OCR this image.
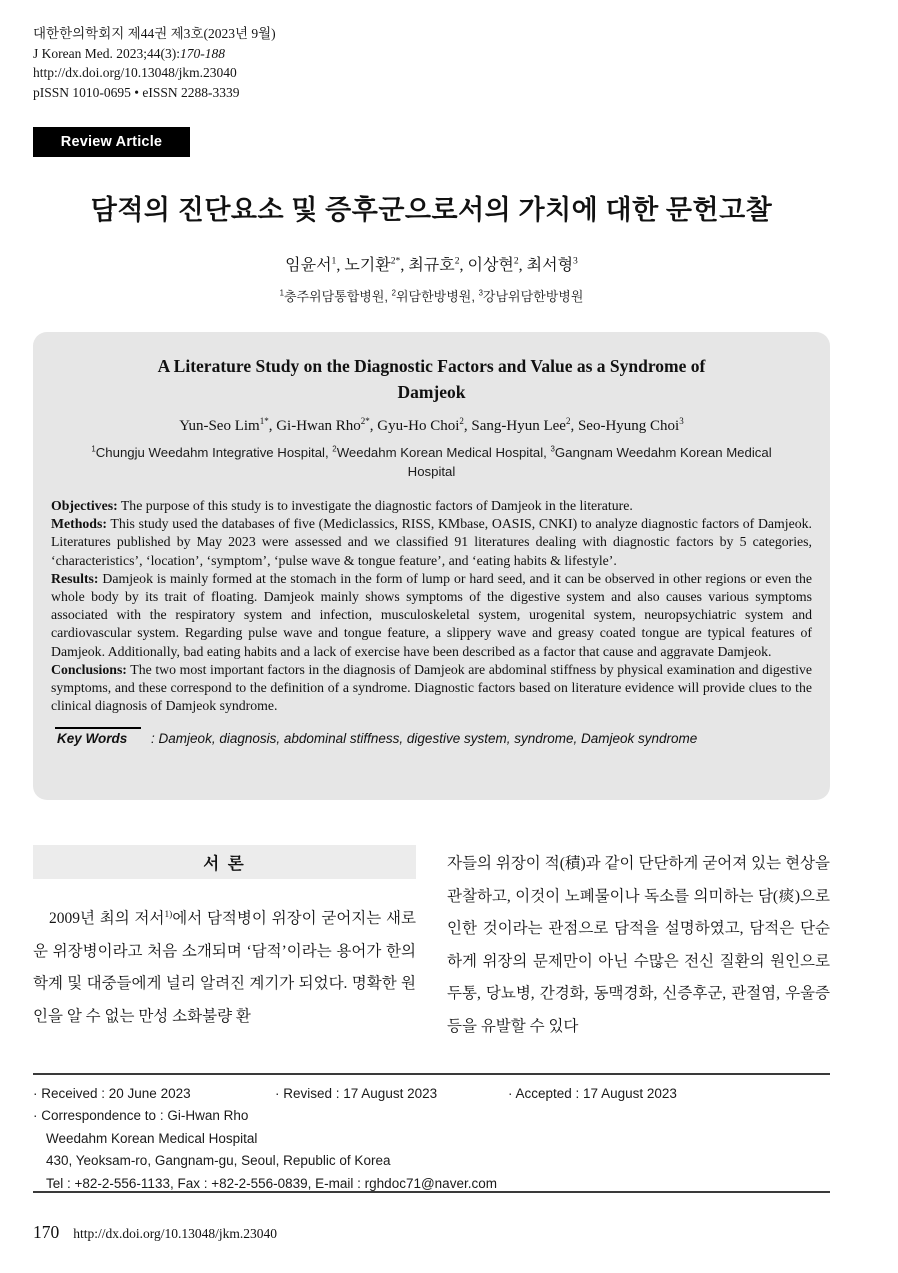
대한한의학회지 제44권 제3호(2023년 9월)
J Korean Med. 2023;44(3):170-188
http://dx.doi.org/10.13048/jkm.23040
pISSN 1010-0695 • eISSN 2288-3339
Review Article
담적의 진단요소 및 증후군으로서의 가치에 대한 문헌고찰
임윤서$^1$, 노기환$^{2*}$, 최규호$^2$, 이상현$^2$, 최서형$^3$
$^1$충주위담통합병원, $^2$위담한방병원, $^3$강남위담한방병원
A Literature Study on the Diagnostic Factors and Value as a Syndrome of Damjeok
Yun-Seo Lim$^{1*}$, Gi-Hwan Rho$^{2*}$, Gyu-Ho Choi$^2$, Sang-Hyun Lee$^2$, Seo-Hyung Choi$^3$
$^1$Chungju Weedahm Integrative Hospital, $^2$Weedahm Korean Medical Hospital, $^3$Gangnam Weedahm Korean Medical Hospital

Objectives: The purpose of this study is to investigate the diagnostic factors of Damjeok in the literature.

Methods: This study used the databases of five (Mediclassics, RISS, KMbase, OASIS, CNKI) to analyze diagnostic factors of Damjeok. Literatures published by May 2023 were assessed and we classified 91 literatures dealing with diagnostic factors by 5 categories, ‘characteristics’, ‘location’, ‘symptom’, ‘pulse wave & tongue feature’, and ‘eating habits & lifestyle’.

Results: Damjeok is mainly formed at the stomach in the form of lump or hard seed, and it can be observed in other regions or even the whole body by its trait of floating. Damjeok mainly shows symptoms of the digestive system and also causes various symptoms associated with the respiratory system and infection, musculoskeletal system, urogenital system, neuropsychiatric system and cardiovascular system. Regarding pulse wave and tongue feature, a slippery wave and greasy coated tongue are typical features of Damjeok. Additionally, bad eating habits and a lack of exercise have been described as a factor that cause and aggravate Damjeok.

Conclusions: The two most important factors in the diagnosis of Damjeok are abdominal stiffness by physical examination and digestive symptoms, and these correspond to the definition of a syndrome. Diagnostic factors based on literature evidence will provide clues to the clinical diagnosis of Damjeok syndrome.

Key Words : Damjeok, diagnosis, abdominal stiffness, digestive system, syndrome, Damjeok syndrome
서 론

2009년 최의 저서$^{1)}$에서 담적병이 위장이 굳어지는 새로운 위장병이라고 처음 소개되며 ‘담적’이라는 용어가 한의학계 및 대중들에게 널리 알려진 계기가 되었다. 명확한 원인을 알 수 없는 만성 소화불량 환

자들의 위장이 적(積)과 같이 단단하게 굳어져 있는 현상을 관찰하고, 이것이 노폐물이나 독소를 의미하는 담(痰)으로 인한 것이라는 관점으로 담적을 설명하였고, 담적은 단순하게 위장의 문제만이 아닌 수많은 전신 질환의 원인으로 두통, 당뇨병, 간경화, 동맥경화, 신증후군, 관절염, 우울증 등을 유발할 수 있다

· Received : 20 June 2023	· Revised : 17 August 2023	· Accepted : 17 August 2023
· Correspondence to : Gi-Hwan Rho
Weedahm Korean Medical Hospital
430, Yeoksam-ro, Gangnam-gu, Seoul, Republic of Korea
Tel : +82-2-556-1133, Fax : +82-2-556-0839, E-mail : rghdoc71@naver.com
170 http://dx.doi.org/10.13048/jkm.23040
